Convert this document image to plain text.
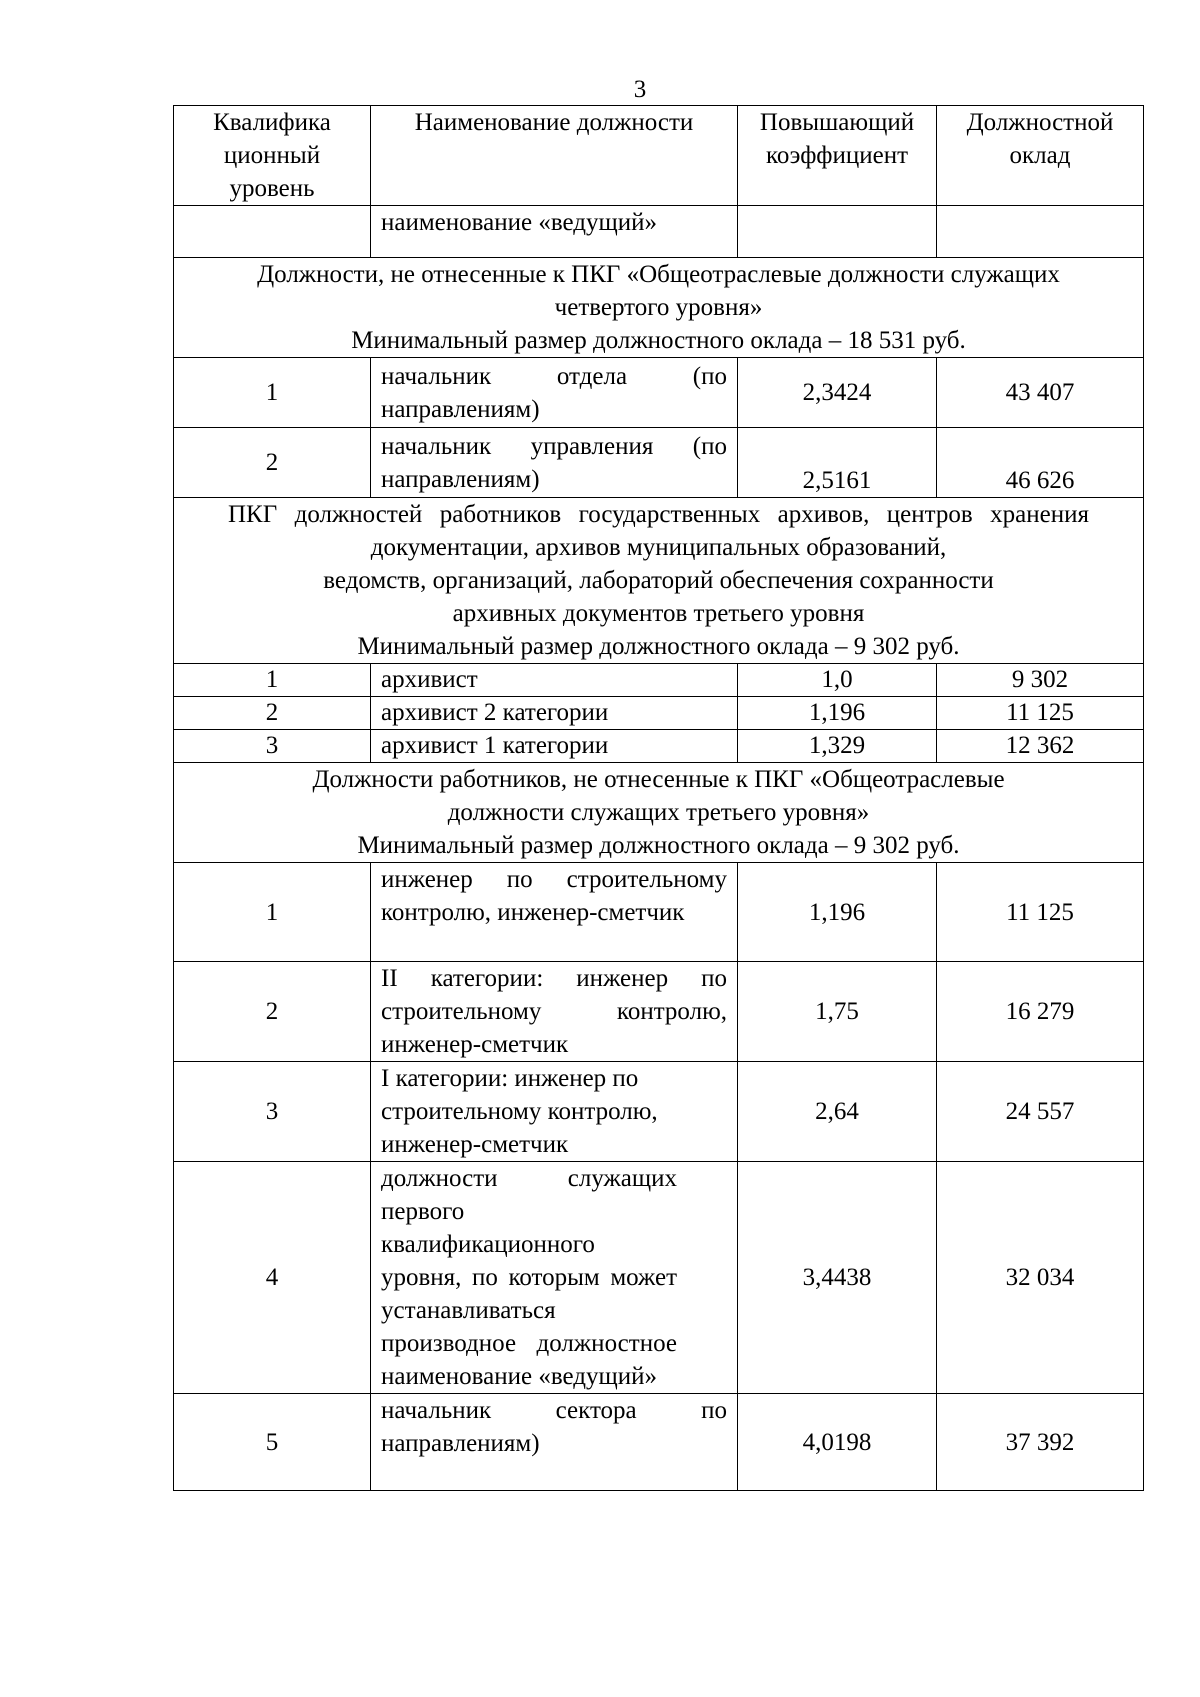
3
Квалифика ционный уровень	Наименование должности	Повышающий коэффициент	Должностной оклад
	наименование «ведущий»		

Должности, не отнесенные к ПКГ «Общеотраслевые должности служащих четвертого уровня»
Минимальный размер должностного оклада – 18 531 руб.			

1	начальник отдела (по направлениям)	2,3424	43 407
2	начальник управления (по направлениям)	2,5161	46 626

ПКГ должностей работников государственных архивов, центров хранения документации, архивов муниципальных образований,
ведомств, организаций, лабораторий обеспечения сохранности
архивных документов третьего уровня
Минимальный размер должностного оклада – 9 302 руб.			

1	архивист	1,0	9 302
2	архивист 2 категории	1,196	11 125
3	архивист 1 категории	1,329	12 362

Должности работников, не отнесенные к ПКГ «Общеотраслевые
должности служащих третьего уровня»
Минимальный размер должностного оклада – 9 302 руб.			

1	инженер по строительному контролю, инженер-сметчик	1,196	11 125
2	II категории: инженер по строительному контролю, инженер-сметчик	1,75	16 279
3	I категории: инженер по строительному контролю, инженер-сметчик	2,64	24 557
4	должности служащих первого квалификационного уровня, по которым может устанавливаться производное должностное наименование «ведущий»	3,4438	32 034
5	начальник сектора по направлениям)	4,0198	37 392
